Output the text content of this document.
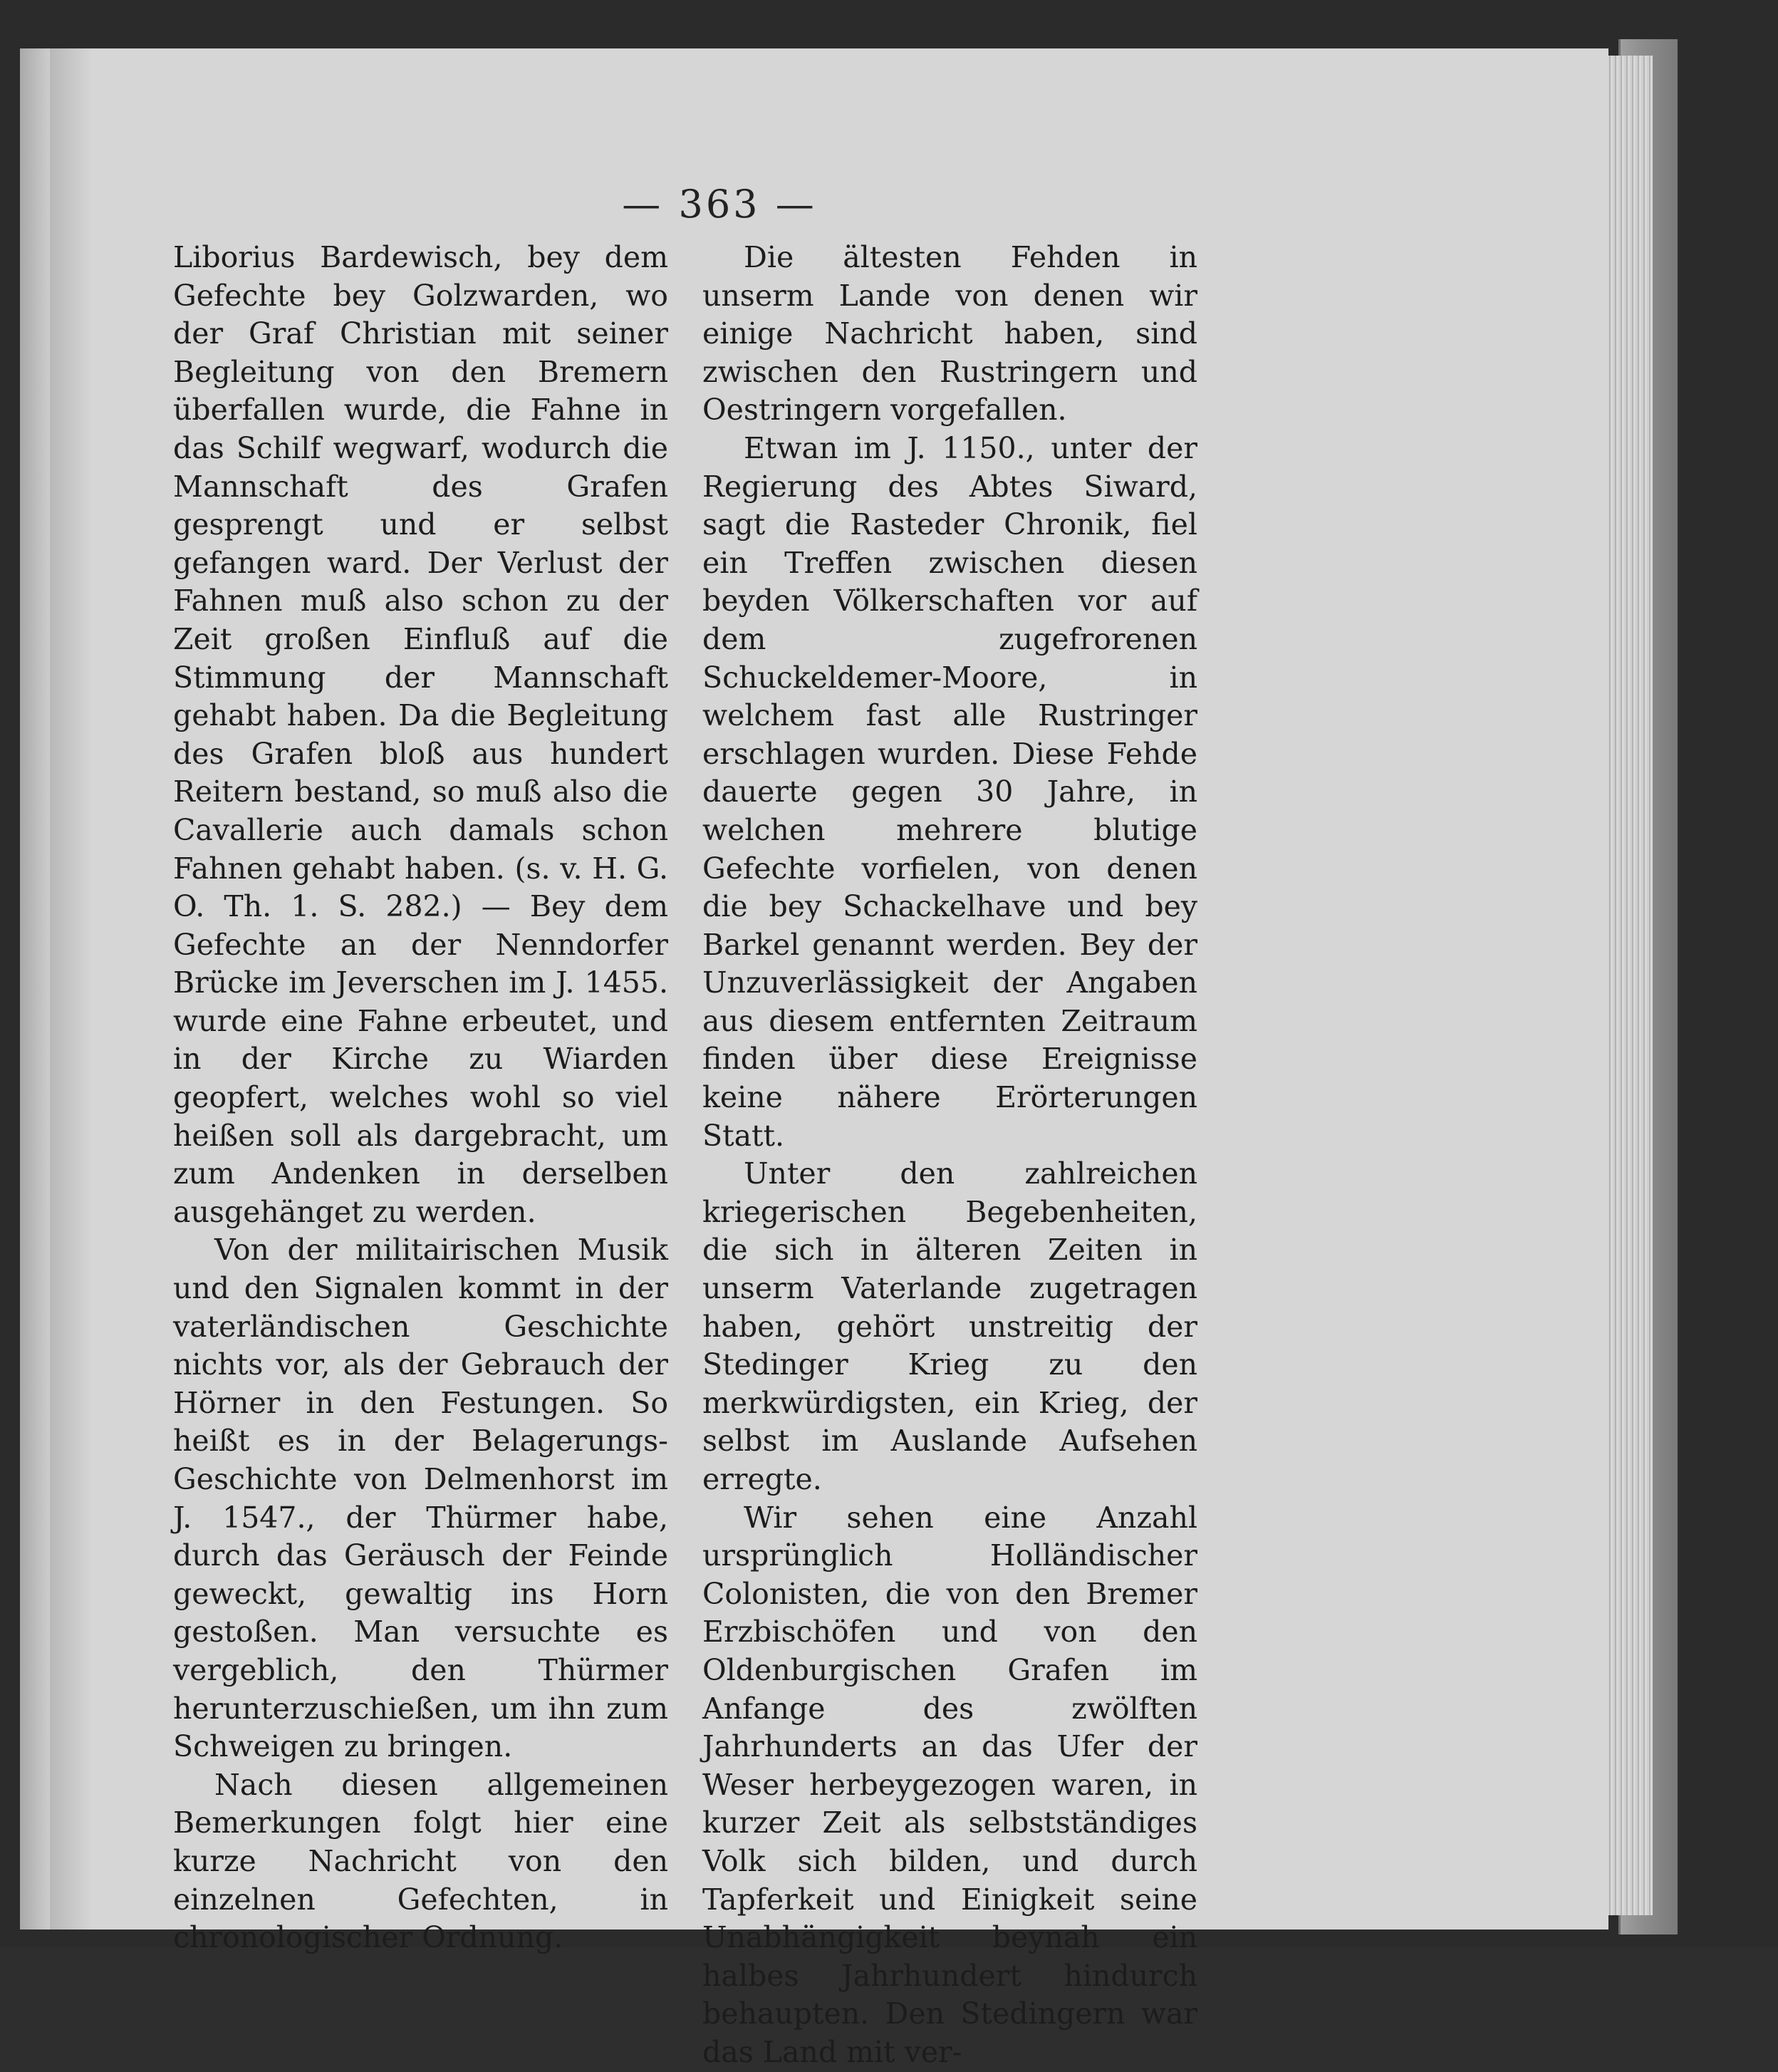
— 363 —

Liborius Bardewisch, bey dem Gefechte bey Golzwarden, wo der Graf Christian mit seiner Begleitung von den Bremern überfallen wurde, die Fahne in das Schilf wegwarf, wodurch die Mannschaft des Grafen gesprengt und er selbst gefangen ward. Der Verlust der Fahnen muß also schon zu der Zeit großen Einfluß auf die Stimmung der Mannschaft gehabt haben. Da die Begleitung des Grafen bloß aus hundert Reitern bestand, so muß also die Cavallerie auch damals schon Fahnen gehabt haben. (s. v. H. G. O. Th. 1. S. 282.) — Bey dem Gefechte an der Nenndorfer Brücke im Jeverschen im J. 1455. wurde eine Fahne erbeutet, und in der Kirche zu Wiarden geopfert, welches wohl so viel heißen soll als dargebracht, um zum Andenken in derselben ausgehänget zu werden.

Von der militairischen Musik und den Signalen kommt in der vaterländischen Geschichte nichts vor, als der Gebrauch der Hörner in den Festungen. So heißt es in der Belagerungs-Geschichte von Delmenhorst im J. 1547., der Thürmer habe, durch das Geräusch der Feinde geweckt, gewaltig ins Horn gestoßen. Man versuchte es vergeblich, den Thürmer herunterzuschießen, um ihn zum Schweigen zu bringen.

Nach diesen allgemeinen Bemerkungen folgt hier eine kurze Nachricht von den einzelnen Gefechten, in chronologischer Ordnung.

Die ältesten Fehden in unserm Lande von denen wir einige Nachricht haben, sind zwischen den Rustringern und Oestringern vorgefallen.

Etwan im J. 1150., unter der Regierung des Abtes Siward, sagt die Rasteder Chronik, fiel ein Treffen zwischen diesen beyden Völkerschaften vor auf dem zugefrorenen Schuckeldemer-Moore, in welchem fast alle Rustringer erschlagen wurden. Diese Fehde dauerte gegen 30 Jahre, in welchen mehrere blutige Gefechte vorfielen, von denen die bey Schackelhave und bey Barkel genannt werden. Bey der Unzuverlässigkeit der Angaben aus diesem entfernten Zeitraum finden über diese Ereignisse keine nähere Erörterungen Statt.

Unter den zahlreichen kriegerischen Begebenheiten, die sich in älteren Zeiten in unserm Vaterlande zugetragen haben, gehört unstreitig der Stedinger Krieg zu den merkwürdigsten, ein Krieg, der selbst im Auslande Aufsehen erregte.

Wir sehen eine Anzahl ursprünglich Holländischer Colonisten, die von den Bremer Erzbischöfen und von den Oldenburgischen Grafen im Anfange des zwölften Jahrhunderts an das Ufer der Weser herbeygezogen waren, in kurzer Zeit als selbstständiges Volk sich bilden, und durch Tapferkeit und Einigkeit seine Unabhängigkeit beynah ein halbes Jahrhundert hindurch behaupten. Den Stedingern war das Land mit ver-
